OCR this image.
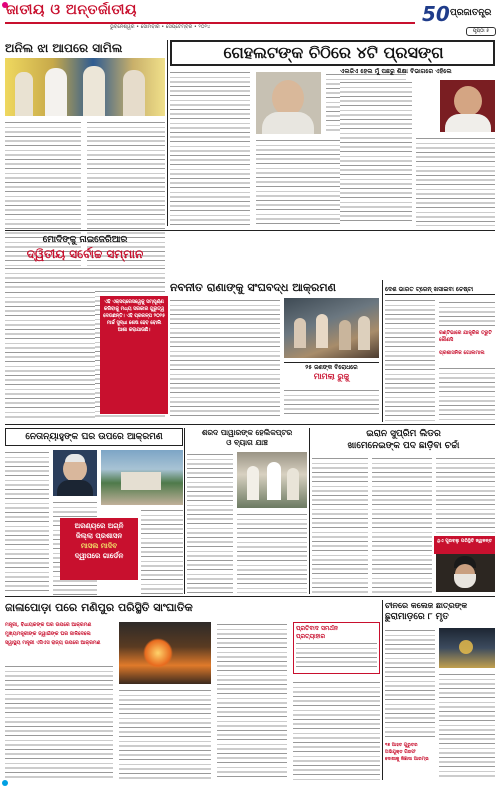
ଜାତୀୟ ଓ ଅନ୍ତର୍ଜାତୀୟ
ଭୁବନେଶ୍ୱର • ସୋମବାର • ସେପ୍ଟେମ୍ବର • ୨୦୨୪
50 ପ୍ରଜାତନ୍ତ୍ର
ପୃଷ୍ଠା ୫
ଅନିଲ ଝା ଆପରେ ସାମିଲ	ଗେହଲଟଙ୍କ ଚିଠିରେ ୪ଟି ପ୍ରସଙ୍ଗ
ଏଲଜିଏ ହେଲ ମୁଁ ପଛରୁ ଶିକ୍ଷା ବିଭାଗରେ ଏହିଲେ
ମୋଦିଙ୍କୁ ନାଇଜେରିଆର
ଦ୍ୱିତୀୟ ସର୍ବୋଚ୍ଚ ସମ୍ମାନ
ନବନୀତ ରାଣାଙ୍କୁ ସଂଘବଦ୍ଧ ଆକ୍ରମଣ
ଏହି ଏକ୍ସପ୍ରେସୱେକୁ ସମ୍ପୂର୍ଣ୍ଣ କରିବାକୁ ମଧ୍ୟ ସରକାର ଗୁରୁତ୍ୱ ଦେଉଛନ୍ତି। ଏହି ପ୍ରକଳ୍ପ ୨୦୨୫ ମାର୍ଚ୍ଚ ସୁଦ୍ଧା ଶେଷ ହେବ ବୋଲି ଆଶା କରାଯାଉଛି।
୨୫ ଜଣଙ୍କ ବିରୋଧରେ
ମାମଲା ରୁଜୁ
ଦେଶ ଭାରତ ଟ୍ରେନ୍‌ ଖସାଇବା ଚେଷ୍ଟା
ରଣ୍ଟିଭାରେ ଯାନ୍ତ୍ରିକ ତ୍ରୁଟି କୌଣସି
ପ୍ରଶାସନିକ ଗୋଲମାଲ
ନେତାନ୍ୟାହୁଙ୍କ ଘର ଉପରେ ଆକ୍ରମଣ
ଅରଣ୍ୟରେ ଅଗ୍ନି
ଜିଲ୍ଲା ପ୍ରଶାସନ
ମାସଲ ମାଦିବ
ଦ୍ୱୀପରେ ଗାର୍ଡେନ
ଶରଦ ପାୱାରଙ୍କ ହେଲିକପ୍ଟର
ଓ ବ୍ୟାଗ ଯାଞ୍ଚ
ଇରାନ ସୁପ୍ରିମ ଲିଡର
ଖାମେନେଇଙ୍କ ପଦ ଛାଡ଼ିବା ଚର୍ଚ୍ଚା
ଥିଏ ପୁରବଲୁ ପରିସ୍ଥିତି ଜ୍ୱଳନ୍ତ
ଜାଳାପୋଡ଼ା ପରେ ମଣିପୁର ପରିସ୍ଥିତି ସାଂଘାତିକ
ମନ୍ତ୍ରୀ, ବିଧାୟକଙ୍କ ଘର ଉପରେ ଆକ୍ରମଣ
ମୁଖ୍ୟମନ୍ତ୍ରୀଙ୍କ ଜ୍ୱାଇଁଙ୍କ ଘର ଜାଳିଦେଲେ
ସ୍ୱାସ୍ଥ୍ୟ ମନ୍ତ୍ରୀ ଏସିଏସ ରାଜ୍ୟ ଉପରେ ଆକ୍ରମଣ
ପ୍ରତିବାଦ ସମର୍ଥନ
ପ୍ରତ୍ୟାହାର
ଚୀନରେ କଲେଜ ଛାତ୍ରଙ୍କ
ଛୁରାମାଡ଼ରେ ୮ ମୃତ
୧୭ ଆହତ ଗୁରୁତର
ଅଭିଯୁକ୍ତ ଗିରଫ
ଦୋଷୀକୁ ଜିଜ୍ଞାସା ଆରମ୍ଭ
